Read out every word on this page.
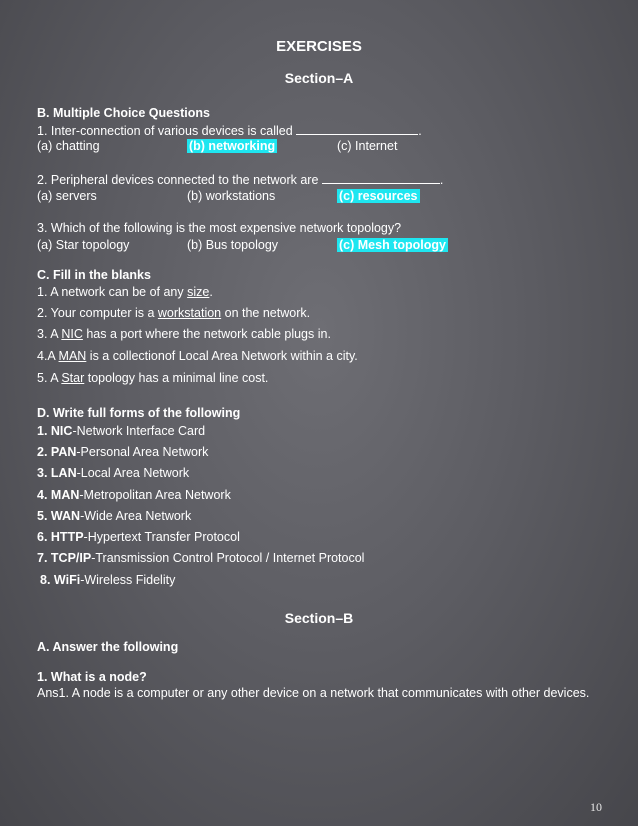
EXERCISES
Section–A
B. Multiple Choice Questions
1. Inter-connection of various devices is called	.
(a) chatting	(b) networking	(c) Internet
2. Peripheral devices connected to the network are	.
(a) servers	(b) workstations	(c) resources
3. Which of the following is the most expensive network topology?
(a) Star topology	(b) Bus topology	(c) Mesh topology
C. Fill in the blanks
1. A network can be of any size.
2. Your computer is a workstation on the network.
3. A NIC has a port where the network cable plugs in.
4.A MAN is a collectionof Local Area Network within a city.
5. A Star topology has a minimal line cost.
D. Write full forms of the following
1. NIC-Network Interface Card
2. PAN-Personal Area Network
3. LAN-Local Area Network
4. MAN-Metropolitan Area Network
5. WAN-Wide Area Network
6. HTTP-Hypertext Transfer Protocol
7. TCP/IP-Transmission Control Protocol / Internet Protocol
8. WiFi-Wireless Fidelity
Section–B
A. Answer the following
1. What is a node?
Ans1. A node is a computer or any other device on a network that communicates with other devices.
10
